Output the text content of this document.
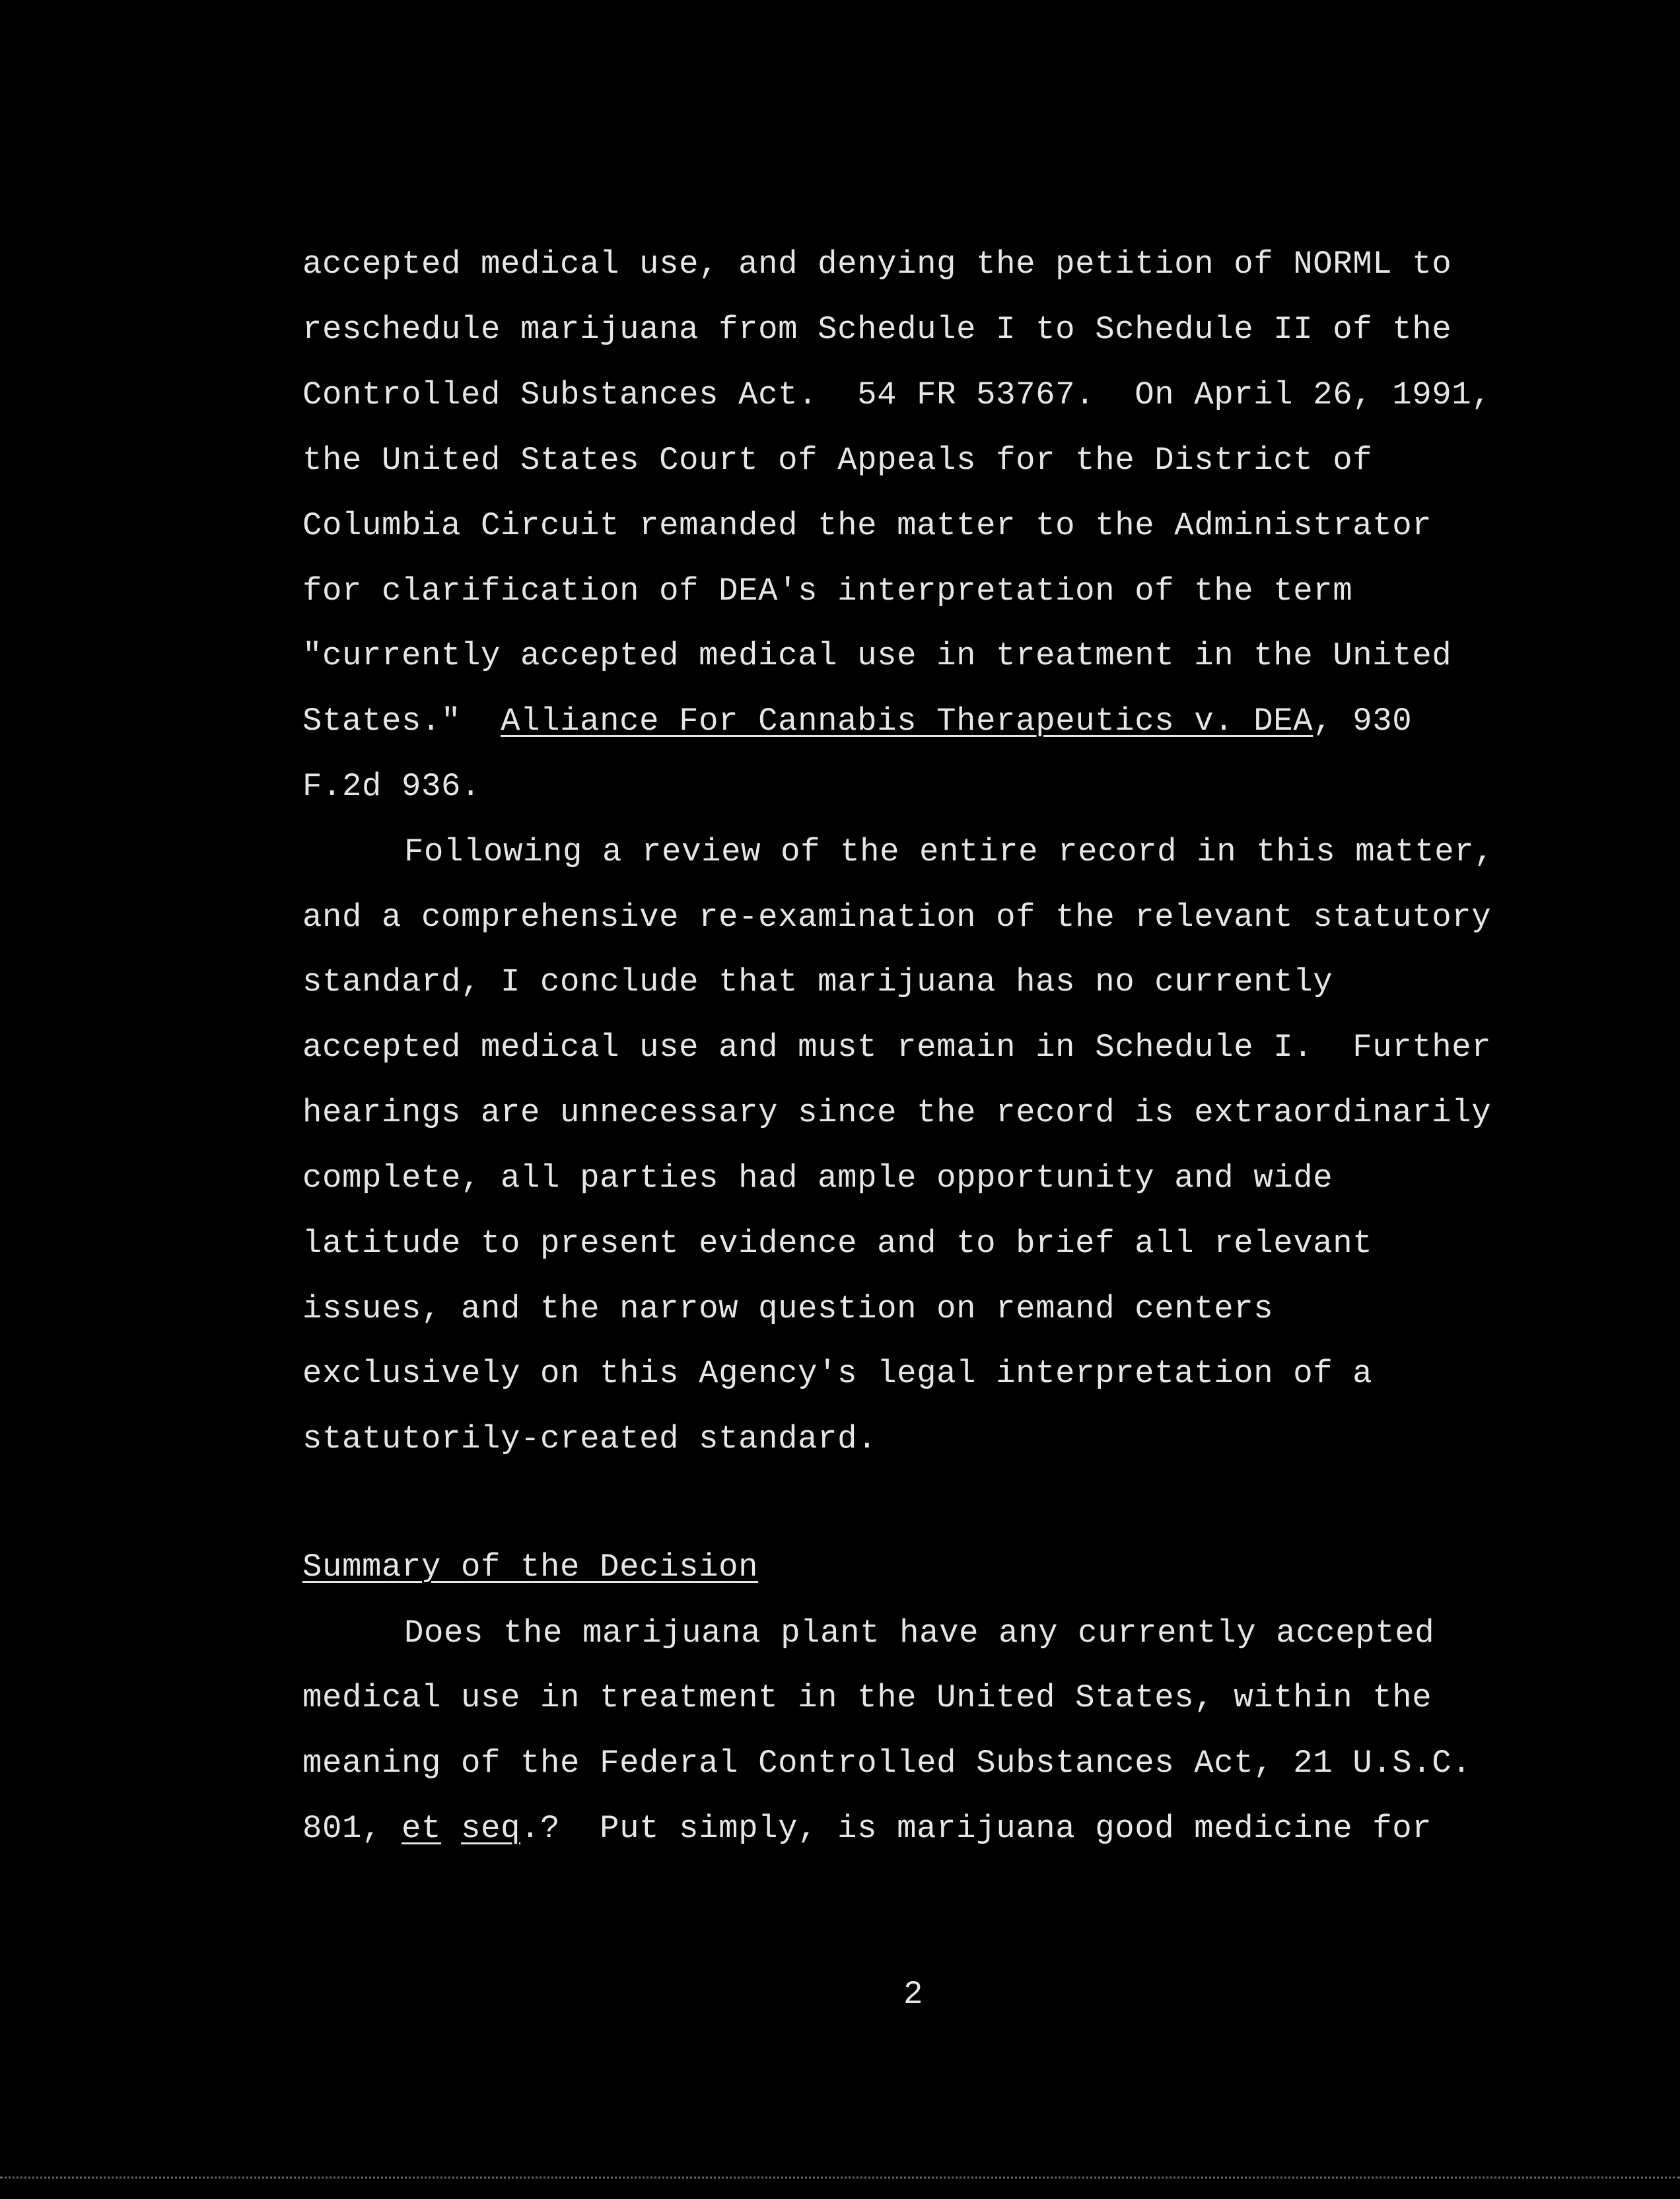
accepted medical use, and denying the petition of NORML to
reschedule marijuana from Schedule I to Schedule II of the
Controlled Substances Act.  54 FR 53767.  On April 26, 1991,
the United States Court of Appeals for the District of
Columbia Circuit remanded the matter to the Administrator
for clarification of DEA's interpretation of the term
"currently accepted medical use in treatment in the United
States."  Alliance For Cannabis Therapeutics v. DEA, 930
F.2d 936.
Following a review of the entire record in this matter,
and a comprehensive re-examination of the relevant statutory
standard, I conclude that marijuana has no currently
accepted medical use and must remain in Schedule I.  Further
hearings are unnecessary since the record is extraordinarily
complete, all parties had ample opportunity and wide
latitude to present evidence and to brief all relevant
issues, and the narrow question on remand centers
exclusively on this Agency's legal interpretation of a
statutorily-created standard.
Summary of the Decision
Does the marijuana plant have any currently accepted
medical use in treatment in the United States, within the
meaning of the Federal Controlled Substances Act, 21 U.S.C.
801, et seq.?  Put simply, is marijuana good medicine for
2
